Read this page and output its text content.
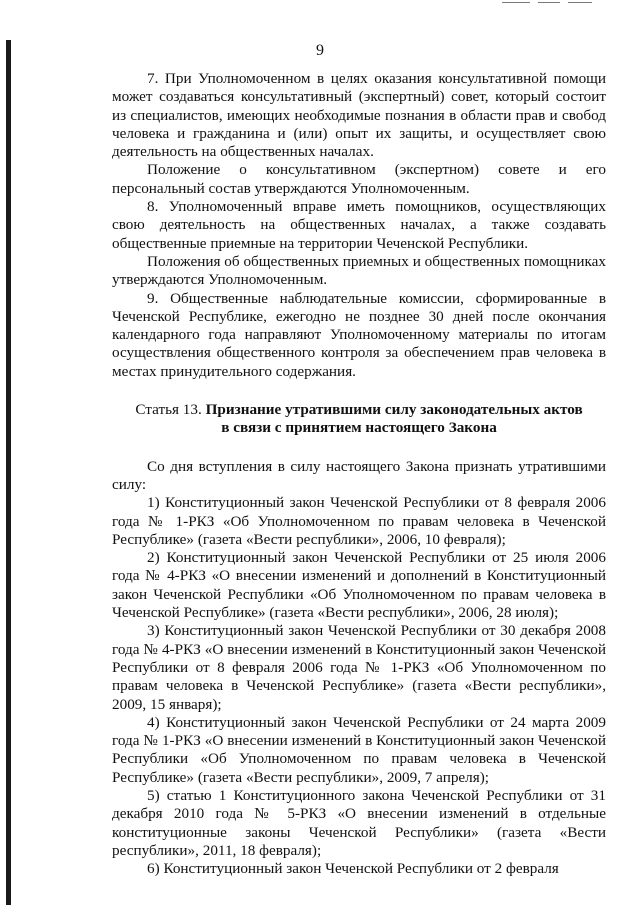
9

7. При Уполномоченном в целях оказания консультативной помощи может создаваться консультативный (экспертный) совет, который состоит из специалистов, имеющих необходимые познания в области прав и свобод человека и гражданина и (или) опыт их защиты, и осуществляет свою деятельность на общественных началах.

Положение о консультативном (экспертном) совете и его персональный состав утверждаются Уполномоченным.

8. Уполномоченный вправе иметь помощников, осуществляющих свою деятельность на общественных началах, а также создавать общественные приемные на территории Чеченской Республики.

Положения об общественных приемных и общественных помощниках утверждаются Уполномоченным.

9. Общественные наблюдательные комиссии, сформированные в Чеченской Республике, ежегодно не позднее 30 дней после окончания календарного года направляют Уполномоченному материалы по итогам осуществления общественного контроля за обеспечением прав человека в местах принудительного содержания.

Статья 13. Признание утратившими силу законодательных актов
в связи с принятием настоящего Закона

Со дня вступления в силу настоящего Закона признать утратившими силу:

1) Конституционный закон Чеченской Республики от 8 февраля 2006 года № 1-РКЗ «Об Уполномоченном по правам человека в Чеченской Республике» (газета «Вести республики», 2006, 10 февраля);

2) Конституционный закон Чеченской Республики от 25 июля 2006 года № 4-РКЗ «О внесении изменений и дополнений в Конституционный закон Чеченской Республики «Об Уполномоченном по правам человека в Чеченской Республике» (газета «Вести республики», 2006, 28 июля);

3) Конституционный закон Чеченской Республики от 30 декабря 2008 года № 4-РКЗ «О внесении изменений в Конституционный закон Чеченской Республики от 8 февраля 2006 года № 1-РКЗ «Об Уполномоченном по правам человека в Чеченской Республике» (газета «Вести республики», 2009, 15 января);

4) Конституционный закон Чеченской Республики от 24 марта 2009 года № 1-РКЗ «О внесении изменений в Конституционный закон Чеченской Республики «Об Уполномоченном по правам человека в Чеченской Республике» (газета «Вести республики», 2009, 7 апреля);

5) статью 1 Конституционного закона Чеченской Республики от 31 декабря 2010 года № 5-РКЗ «О внесении изменений в отдельные конституционные законы Чеченской Республики» (газета «Вести республики», 2011, 18 февраля);

6) Конституционный закон Чеченской Республики от 2 февраля
